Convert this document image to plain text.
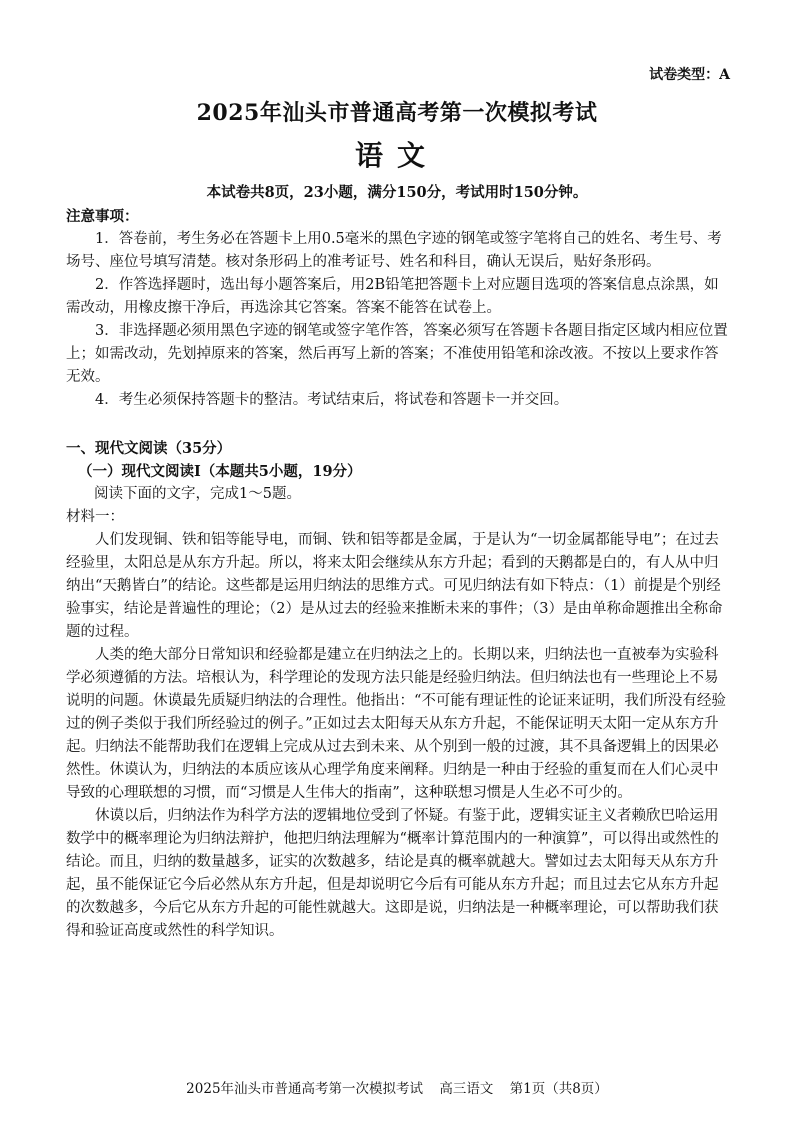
试卷类型：A
2025年汕头市普通高考第一次模拟考试
语文
本试卷共8页，23小题，满分150分，考试用时150分钟。
注意事项：

1．答卷前，考生务必在答题卡上用0.5毫米的黑色字迹的钢笔或签字笔将自己的姓名、考生号、考场号、座位号填写清楚。核对条形码上的准考证号、姓名和科目，确认无误后，贴好条形码。

2．作答选择题时，选出每小题答案后，用2B铅笔把答题卡上对应题目选项的答案信息点涂黑，如需改动，用橡皮擦干净后，再选涂其它答案。答案不能答在试卷上。

3．非选择题必须用黑色字迹的钢笔或签字笔作答，答案必须写在答题卡各题目指定区域内相应位置上；如需改动，先划掉原来的答案，然后再写上新的答案；不准使用铅笔和涂改液。不按以上要求作答无效。

4．考生必须保持答题卡的整洁。考试结束后，将试卷和答题卡一并交回。

一、现代文阅读（35分）

（一）现代文阅读Ⅰ（本题共5小题，19分）

阅读下面的文字，完成1～5题。

材料一：

人们发现铜、铁和铝等能导电，而铜、铁和铝等都是金属，于是认为“一切金属都能导电”；在过去经验里，太阳总是从东方升起。所以，将来太阳会继续从东方升起；看到的天鹅都是白的，有人从中归纳出“天鹅皆白”的结论。这些都是运用归纳法的思维方式。可见归纳法有如下特点：（1）前提是个别经验事实，结论是普遍性的理论；（2）是从过去的经验来推断未来的事件；（3）是由单称命题推出全称命题的过程。

人类的绝大部分日常知识和经验都是建立在归纳法之上的。长期以来，归纳法也一直被奉为实验科学必须遵循的方法。培根认为，科学理论的发现方法只能是经验归纳法。但归纳法也有一些理论上不易说明的问题。休谟最先质疑归纳法的合理性。他指出：“不可能有理证性的论证来证明，我们所没有经验过的例子类似于我们所经验过的例子。”正如过去太阳每天从东方升起，不能保证明天太阳一定从东方升起。归纳法不能帮助我们在逻辑上完成从过去到未来、从个别到一般的过渡，其不具备逻辑上的因果必然性。休谟认为，归纳法的本质应该从心理学角度来阐释。归纳是一种由于经验的重复而在人们心灵中导致的心理联想的习惯，而“习惯是人生伟大的指南”，这种联想习惯是人生必不可少的。

休谟以后，归纳法作为科学方法的逻辑地位受到了怀疑。有鉴于此，逻辑实证主义者赖欣巴哈运用数学中的概率理论为归纳法辩护，他把归纳法理解为“概率计算范围内的一种演算”，可以得出或然性的结论。而且，归纳的数量越多，证实的次数越多，结论是真的概率就越大。譬如过去太阳每天从东方升起，虽不能保证它今后必然从东方升起，但是却说明它今后有可能从东方升起；而且过去它从东方升起的次数越多，今后它从东方升起的可能性就越大。这即是说，归纳法是一种概率理论，可以帮助我们获得和验证高度或然性的科学知识。

2025年汕头市普通高考第一次模拟考试 高三语文 第1页（共8页）
